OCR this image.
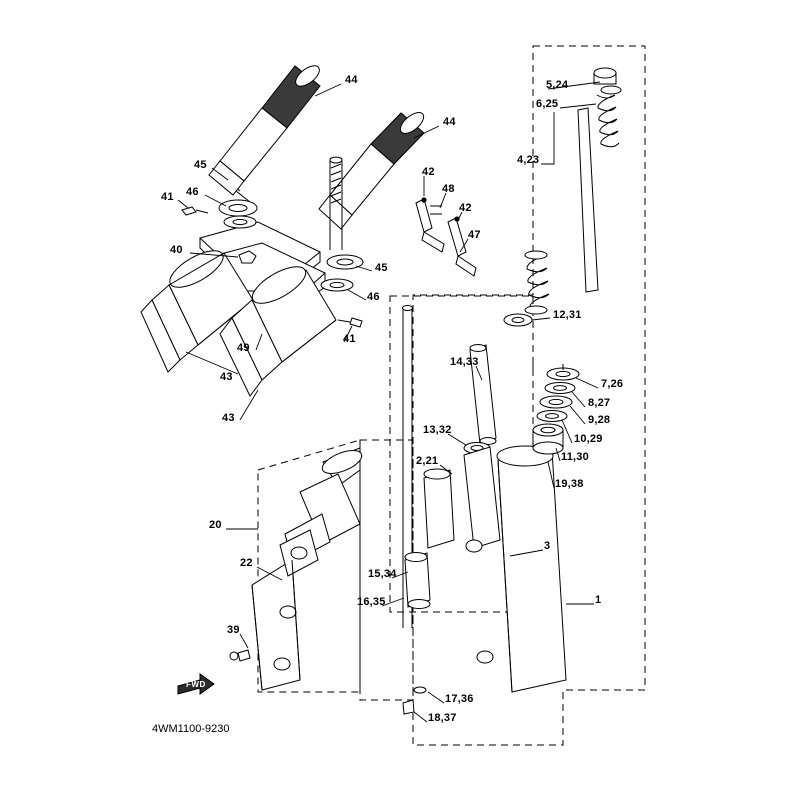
44
44
45
46
41
42
48
42
47
40
45
46
49
41
43
43
5,24
6,25
4,23
12,31
14,33
7,26
8,27
9,28
10,29
11,30
19,38
13,32
2,21
20
22
3
1
15,34
16,35
39
17,36
18,37
FWD
4WM1100-9230
